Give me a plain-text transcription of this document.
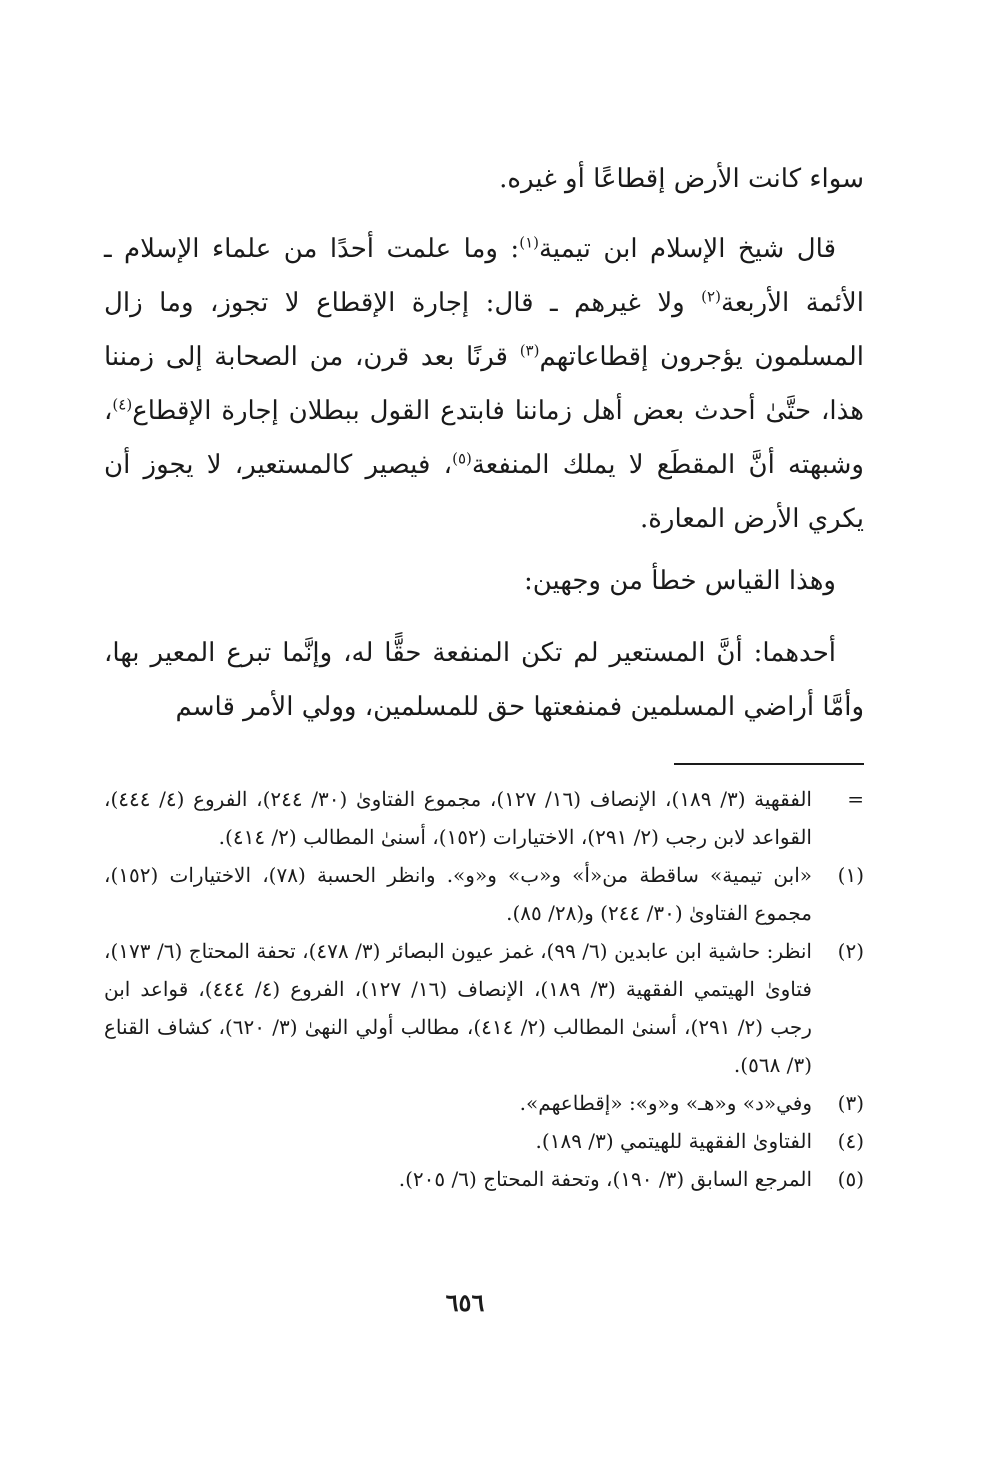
سواء كانت الأرض إقطاعًا أو غيره.

قال شيخ الإسلام ابن تيمية$^{(١)}$: وما علمت أحدًا من علماء الإسلام ـ الأئمة الأربعة$^{(٢)}$ ولا غيرهم ـ قال: إجارة الإقطاع لا تجوز، وما زال المسلمون يؤجرون إقطاعاتهم$^{(٣)}$ قرنًا بعد قرن، من الصحابة إلى زمننا هذا، حتَّىٰ أحدث بعض أهل زماننا فابتدع القول ببطلان إجارة الإقطاع$^{(٤)}$، وشبهته أنَّ المقطَع لا يملك المنفعة$^{(٥)}$، فيصير كالمستعير، لا يجوز أن يكري الأرض المعارة.

وهذا القياس خطأ من وجهين:

أحدهما: أنَّ المستعير لم تكن المنفعة حقًّا له، وإنَّما تبرع المعير بها، وأمَّا أراضي المسلمين فمنفعتها حق للمسلمين، وولي الأمر قاسم

=
الفقهية (٣/ ١٨٩)، الإنصاف (١٦/ ١٢٧)، مجموع الفتاوىٰ (٣٠/ ٢٤٤)، الفروع (٤/ ٤٤٤)، القواعد لابن رجب (٢/ ٢٩١)، الاختيارات (١٥٢)، أسنىٰ المطالب (٢/ ٤١٤).
(١)
«ابن تيمية» ساقطة من«أ» و«ب» و«و». وانظر الحسبة (٧٨)، الاختيارات (١٥٢)، مجموع الفتاوىٰ (٣٠/ ٢٤٤) و(٢٨/ ٨٥).
(٢)
انظر: حاشية ابن عابدين (٦/ ٩٩)، غمز عيون البصائر (٣/ ٤٧٨)، تحفة المحتاج (٦/ ١٧٣)، فتاوىٰ الهيتمي الفقهية (٣/ ١٨٩)، الإنصاف (١٦/ ١٢٧)، الفروع (٤/ ٤٤٤)، قواعد ابن رجب (٢/ ٢٩١)، أسنىٰ المطالب (٢/ ٤١٤)، مطالب أولي النهىٰ (٣/ ٦٢٠)، كشاف القناع (٣/ ٥٦٨).
(٣)
وفي«د» و«هـ» و«و»: «إقطاعهم».
(٤)
الفتاوىٰ الفقهية للهيتمي (٣/ ١٨٩).
(٥)
المرجع السابق (٣/ ١٩٠)، وتحفة المحتاج (٦/ ٢٠٥).
٦٥٦
